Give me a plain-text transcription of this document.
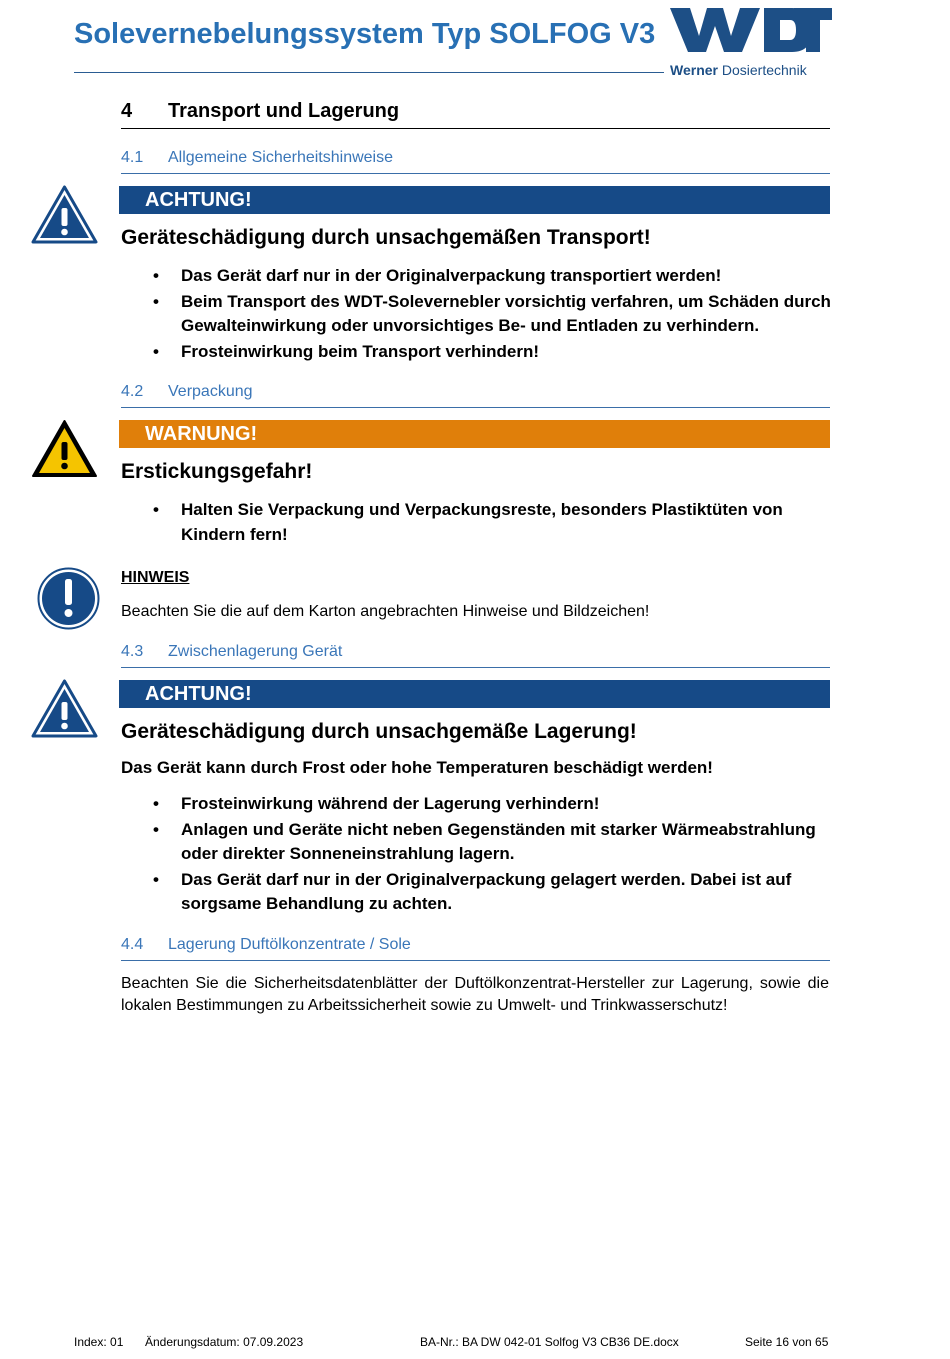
Solevernebelungssystem Typ SOLFOG V3
Werner Dosiertechnik
4 Transport und Lagerung
4.1 Allgemeine Sicherheitshinweise
ACHTUNG!
Geräteschädigung durch unsachgemäßen Transport!
• Das Gerät darf nur in der Originalverpackung transportiert werden!
• Beim Transport des WDT-Solevernebler vorsichtig verfahren, um Schäden durch Gewalteinwirkung oder unvorsichtiges Be- und Entladen zu verhindern.
• Frosteinwirkung beim Transport verhindern!
4.2 Verpackung
WARNUNG!
Erstickungsgefahr!
• Halten Sie Verpackung und Verpackungsreste, besonders Plastiktüten von Kindern fern!
HINWEIS
Beachten Sie die auf dem Karton angebrachten Hinweise und Bildzeichen!
4.3 Zwischenlagerung Gerät
ACHTUNG!
Geräteschädigung durch unsachgemäße Lagerung!
Das Gerät kann durch Frost oder hohe Temperaturen beschädigt werden!
• Frosteinwirkung während der Lagerung verhindern!
• Anlagen und Geräte nicht neben Gegenständen mit starker Wärmeabstrahlung oder direkter Sonneneinstrahlung lagern.
• Das Gerät darf nur in der Originalverpackung gelagert werden. Dabei ist auf sorgsame Behandlung zu achten.
4.4 Lagerung Duftölkonzentrate / Sole
Beachten Sie die Sicherheitsdatenblätter der Duftölkonzentrat-Hersteller zur Lagerung, sowie die lokalen Bestimmungen zu Arbeitssicherheit sowie zu Umwelt- und Trinkwasserschutz!
Index: 01 Änderungsdatum: 07.09.2023	BA-Nr.: BA DW 042-01 Solfog V3 CB36 DE.docx	Seite 16 von 65
